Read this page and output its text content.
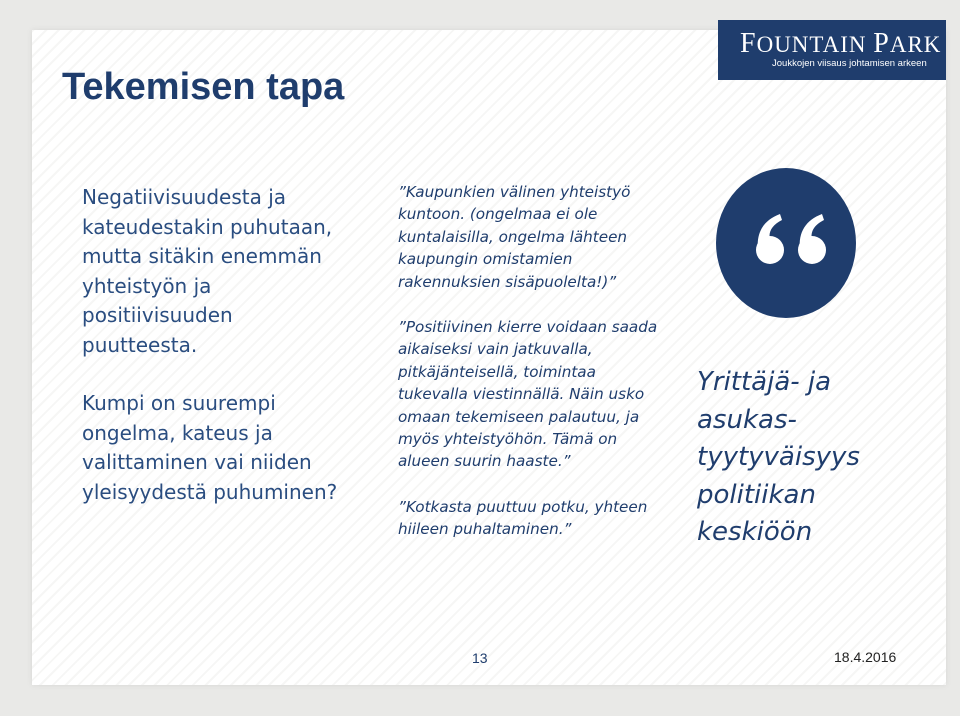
FOUNTAIN PARK
Joukkojen viisaus johtamisen arkeen
Tekemisen tapa

Negatiivisuudesta ja kateudestakin puhutaan, mutta sitäkin enemmän yhteistyön ja positiivisuuden puutteesta.

Kumpi on suurempi ongelma, kateus ja valittaminen vai niiden yleisyydestä puhuminen?

”Kaupunkien välinen yhteistyö kuntoon. (ongelmaa ei ole kuntalaisilla, ongelma lähteen kaupungin omistamien rakennuksien sisäpuolelta!)”

”Positiivinen kierre voidaan saada aikaiseksi vain jatkuvalla, pitkäjänteisellä, toimintaa tukevalla viestinnällä. Näin usko omaan tekemiseen palautuu, ja myös yhteistyöhön. Tämä on alueen suurin haaste.”

”Kotkasta puuttuu potku, yhteen hiileen puhaltaminen.”

Yrittäjä- ja asukas-tyytyväisyys politiikan keskiöön
13	18.4.2016
